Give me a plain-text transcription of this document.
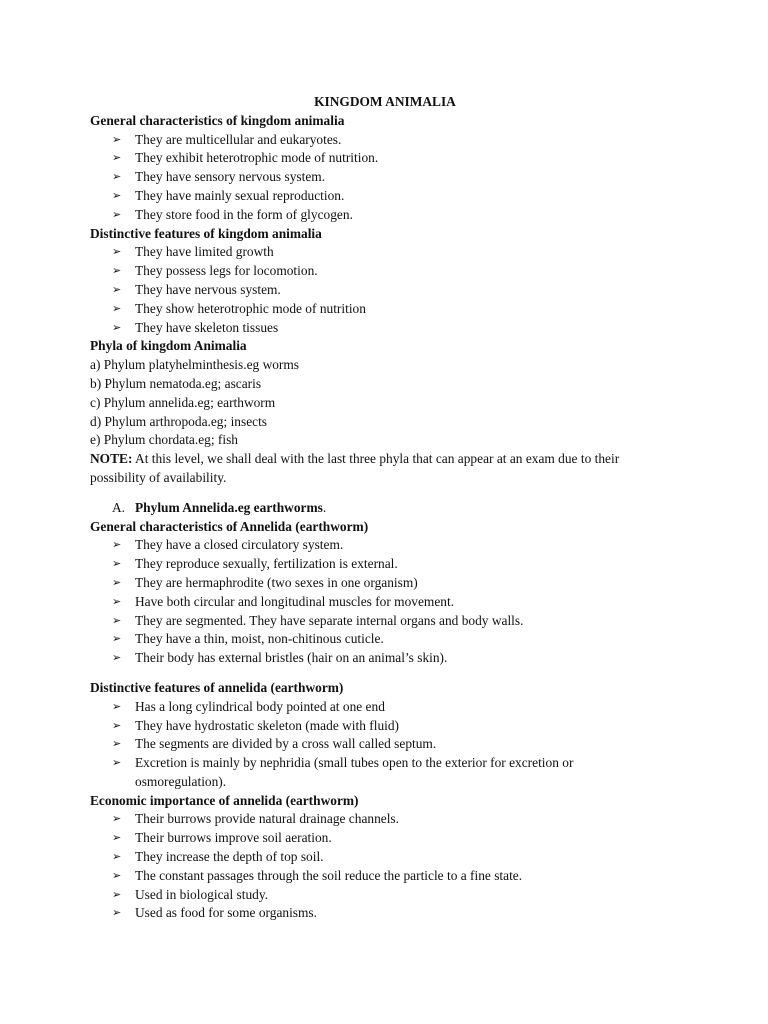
KINGDOM ANIMALIA
General characteristics of kingdom animalia
➢ They are multicellular and eukaryotes.
➢ They exhibit heterotrophic mode of nutrition.
➢ They have sensory nervous system.
➢ They have mainly sexual reproduction.
➢ They store food in the form of glycogen.
Distinctive features of kingdom animalia
➢ They have limited growth
➢ They possess legs for locomotion.
➢ They have nervous system.
➢ They show heterotrophic mode of nutrition
➢ They have skeleton tissues
Phyla of kingdom Animalia
a) Phylum platyhelminthesis.eg worms
b) Phylum nematoda.eg; ascaris
c) Phylum annelida.eg; earthworm
d) Phylum arthropoda.eg; insects
e) Phylum chordata.eg; fish
NOTE: At this level, we shall deal with the last three phyla that can appear at an exam due to their
possibility of availability.
A. Phylum Annelida.eg earthworms.
General characteristics of Annelida (earthworm)
➢ They have a closed circulatory system.
➢ They reproduce sexually, fertilization is external.
➢ They are hermaphrodite (two sexes in one organism)
➢ Have both circular and longitudinal muscles for movement.
➢ They are segmented. They have separate internal organs and body walls.
➢ They have a thin, moist, non-chitinous cuticle.
➢ Their body has external bristles (hair on an animal’s skin).
Distinctive features of annelida (earthworm)
➢ Has a long cylindrical body pointed at one end
➢ They have hydrostatic skeleton (made with fluid)
➢ The segments are divided by a cross wall called septum.
➢ Excretion is mainly by nephridia (small tubes open to the exterior for excretion or
osmoregulation).
Economic importance of annelida (earthworm)
➢ Their burrows provide natural drainage channels.
➢ Their burrows improve soil aeration.
➢ They increase the depth of top soil.
➢ The constant passages through the soil reduce the particle to a fine state.
➢ Used in biological study.
➢ Used as food for some organisms.
